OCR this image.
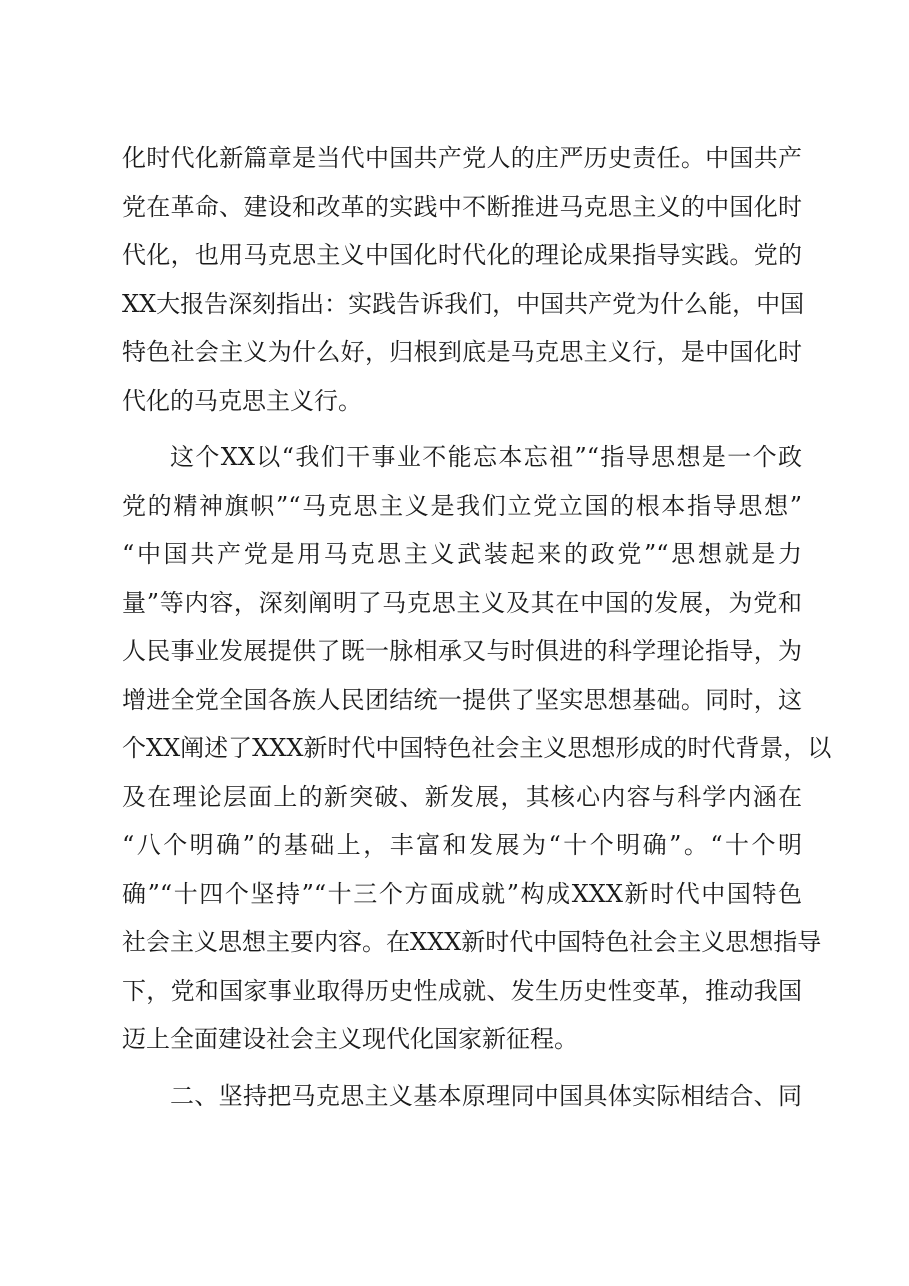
化时代化新篇章是当代中国共产党人的庄严历史责任。中国共产
党在革命、建设和改革的实践中不断推进马克思主义的中国化时
代化，也用马克思主义中国化时代化的理论成果指导实践。党的
XX大报告深刻指出：实践告诉我们，中国共产党为什么能，中国
特色社会主义为什么好，归根到底是马克思主义行，是中国化时
代化的马克思主义行。
这个XX以“我们干事业不能忘本忘祖”“指导思想是一个政
党的精神旗帜”“马克思主义是我们立党立国的根本指导思想”
“中国共产党是用马克思主义武装起来的政党”“思想就是力
量”等内容，深刻阐明了马克思主义及其在中国的发展，为党和
人民事业发展提供了既一脉相承又与时俱进的科学理论指导，为
增进全党全国各族人民团结统一提供了坚实思想基础。同时，这
个XX阐述了XXX新时代中国特色社会主义思想形成的时代背景，以
及在理论层面上的新突破、新发展，其核心内容与科学内涵在
“八个明确”的基础上，丰富和发展为“十个明确”。“十个明
确”“十四个坚持”“十三个方面成就”构成XXX新时代中国特色
社会主义思想主要内容。在XXX新时代中国特色社会主义思想指导
下，党和国家事业取得历史性成就、发生历史性变革，推动我国
迈上全面建设社会主义现代化国家新征程。
二、坚持把马克思主义基本原理同中国具体实际相结合、同
